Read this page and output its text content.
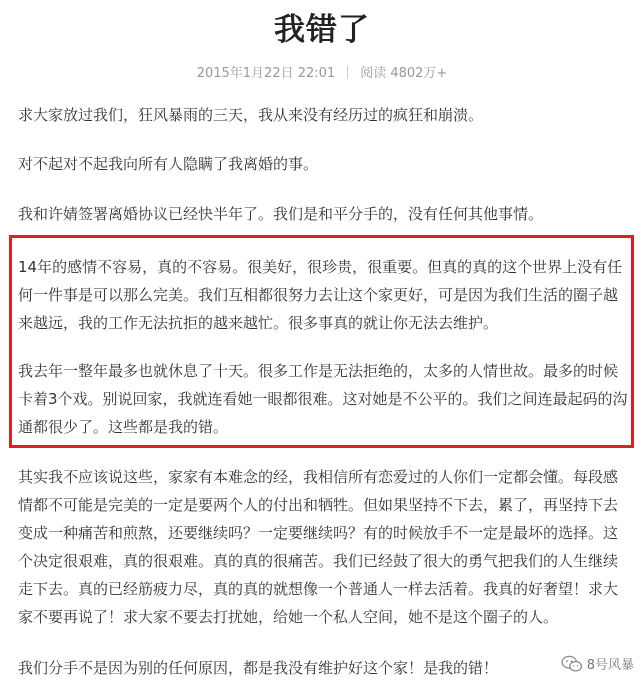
我错了
2015年1月22日 22:01 阅读 4802万+

求大家放过我们，狂风暴雨的三天，我从来没有经历过的疯狂和崩溃。

对不起对不起我向所有人隐瞒了我离婚的事。

我和许婧签署离婚协议已经快半年了。我们是和平分手的，没有任何其他事情。

14年的感情不容易，真的不容易。很美好，很珍贵，很重要。但真的真的这个世界上没有任何一件事是可以那么完美。我们互相都很努力去让这个家更好，可是因为我们生活的圈子越来越远，我的工作无法抗拒的越来越忙。很多事真的就让你无法去维护。

我去年一整年最多也就休息了十天。很多工作是无法拒绝的，太多的人情世故。最多的时候卡着3个戏。别说回家，我就连看她一眼都很难。这对她是不公平的。我们之间连最起码的沟通都很少了。这些都是我的错。

其实我不应该说这些，家家有本难念的经，我相信所有恋爱过的人你们一定都会懂。每段感情都不可能是完美的一定是要两个人的付出和牺牲。但如果坚持不下去，累了，再坚持下去变成一种痛苦和煎熬，还要继续吗？一定要继续吗？有的时候放手不一定是最坏的选择。这个决定很艰难，真的很艰难。真的真的很痛苦。我们已经鼓了很大的勇气把我们的人生继续走下去。真的已经筋疲力尽，真的真的就想像一个普通人一样去活着。我真的好奢望！求大家不要再说了！求大家不要去打扰她，给她一个私人空间，她不是这个圈子的人。

我们分手不是因为别的任何原因，都是我没有维护好这个家！是我的错！	8号风暴
